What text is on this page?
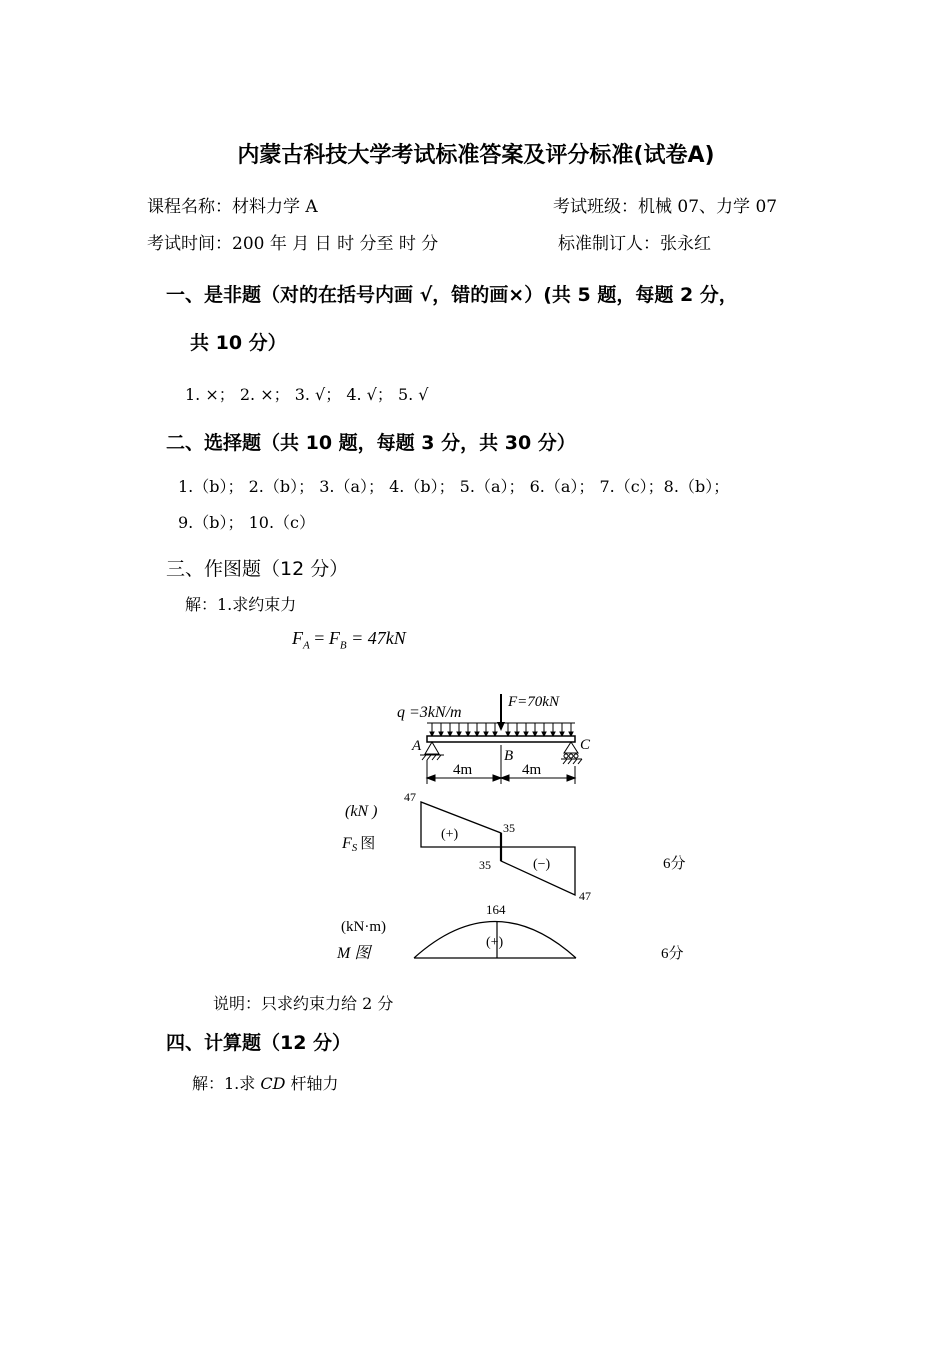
内蒙古科技大学考试标准答案及评分标准(试卷A)
课程名称：材料力学 A	考试班级：机械 07、力学 07
考试时间：200 年 月 日 时 分至 时 分	标准制订人：张永红
一、是非题（对的在括号内画 √，错的画×）(共 5 题，每题 2 分，
共 10 分）
1. ×； 2. ×； 3. √； 4. √； 5. √
二、选择题（共 10 题，每题 3 分，共 30 分）
1.（b）； 2.（b）； 3.（a）； 4.（b）； 5.（a）； 6.（a）； 7.（c）；8.（b）；
9.（b）； 10.（c）
三、作图题（12 分）
解：1.求约束力
$F_A = F_B = 47kN$
q =3kN/m
F=70kN
A
B
C
4m	4m
(kN )
FS 图
47
35
35
47
(+)
(−)	6分
(kN·m)
M 图
164
(+)
6分
说明：只求约束力给 2 分
四、计算题（12 分）
解：1.求 CD 杆轴力
